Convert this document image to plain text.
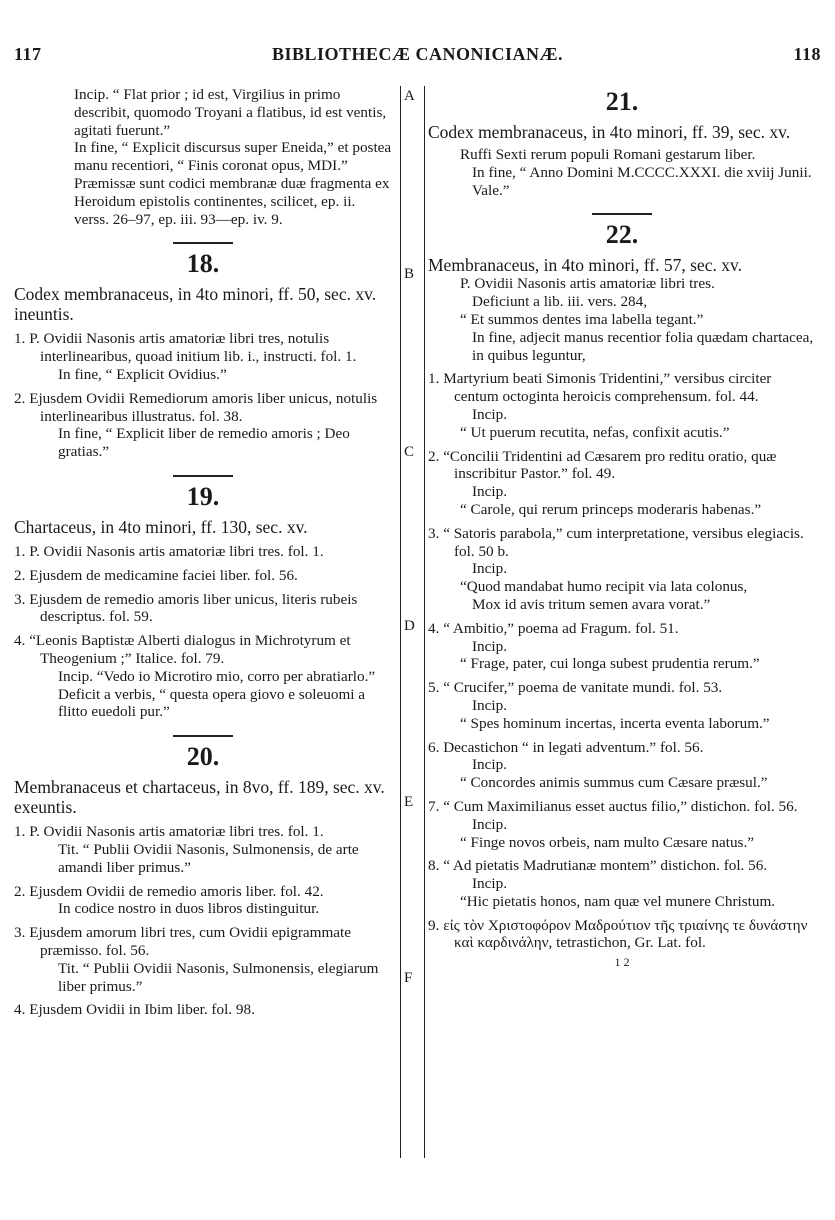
117	BIBLIOTHECÆ CANONICIANÆ.	118
A
B
C
D
E
F

Incip. “ Flat prior ; id est, Virgilius in primo describit, quomodo Troyani a flatibus, id est ventis, agitati fuerunt.”

In fine, “ Explicit discursus super Eneida,” et postea manu recentiori, “ Finis coronat opus, MDI.”

Præmissæ sunt codici membranæ duæ fragmenta ex Heroidum epistolis continentes, scilicet, ep. ii. verss. 26–97, ep. iii. 93—ep. iv. 9.

18.

Codex membranaceus, in 4to minori, ff. 50, sec. xv. ineuntis.

1. P. Ovidii Nasonis artis amatoriæ libri tres, notulis interlinearibus, quoad initium lib. i., instructi. fol. 1.

In fine, “ Explicit Ovidius.”

2. Ejusdem Ovidii Remediorum amoris liber unicus, notulis interlinearibus illustratus. fol. 38.

In fine, “ Explicit liber de remedio amoris ; Deo gratias.”

19.

Chartaceus, in 4to minori, ff. 130, sec. xv.

1. P. Ovidii Nasonis artis amatoriæ libri tres. fol. 1.

2. Ejusdem de medicamine faciei liber. fol. 56.

3. Ejusdem de remedio amoris liber unicus, literis rubeis descriptus. fol. 59.

4. “Leonis Baptistæ Alberti dialogus in Michrotyrum et Theogenium ;” Italice. fol. 79.

Incip. “Vedo io Microtiro mio, corro per abratiarlo.”

Deficit a verbis, “ questa opera giovo e soleuomi a flitto euedoli pur.”

20.

Membranaceus et chartaceus, in 8vo, ff. 189, sec. xv. exeuntis.

1. P. Ovidii Nasonis artis amatoriæ libri tres. fol. 1.

Tit. “ Publii Ovidii Nasonis, Sulmonensis, de arte amandi liber primus.”

2. Ejusdem Ovidii de remedio amoris liber. fol. 42.

In codice nostro in duos libros distinguitur.

3. Ejusdem amorum libri tres, cum Ovidii epigrammate præmisso. fol. 56.

Tit. “ Publii Ovidii Nasonis, Sulmonensis, elegiarum liber primus.”

4. Ejusdem Ovidii in Ibim liber. fol. 98.

21.

Codex membranaceus, in 4to minori, ff. 39, sec. xv.

Ruffi Sexti rerum populi Romani gestarum liber.

In fine, “ Anno Domini M.CCCC.XXXI. die xviij Junii. Vale.”

22.

Membranaceus, in 4to minori, ff. 57, sec. xv.

P. Ovidii Nasonis artis amatoriæ libri tres.

Deficiunt a lib. iii. vers. 284,

“ Et summos dentes ima labella tegant.”

In fine, adjecit manus recentior folia quædam chartacea, in quibus leguntur,

1. Martyrium beati Simonis Tridentini,” versibus circiter centum octoginta heroicis comprehensum. fol. 44.

Incip.

“ Ut puerum recutita, nefas, confixit acutis.”

2. “Concilii Tridentini ad Cæsarem pro reditu oratio, quæ inscribitur Pastor.” fol. 49.

Incip.

“ Carole, qui rerum princeps moderaris habenas.”

3. “ Satoris parabola,” cum interpretatione, versibus elegiacis. fol. 50 b.

Incip.

“Quod mandabat humo recipit via lata colonus,

Mox id avis tritum semen avara vorat.”

4. “ Ambitio,” poema ad Fragum. fol. 51.

Incip.

“ Frage, pater, cui longa subest prudentia rerum.”

5. “ Crucifer,” poema de vanitate mundi. fol. 53.

Incip.

“ Spes hominum incertas, incerta eventa laborum.”

6. Decastichon “ in legati adventum.” fol. 56.

Incip.

“ Concordes animis summus cum Cæsare præsul.”

7. “ Cum Maximilianus esset auctus filio,” distichon. fol. 56.

Incip.

“ Finge novos orbeis, nam multo Cæsare natus.”

8. “ Ad pietatis Madrutianæ montem” distichon. fol. 56.

Incip.

“Hic pietatis honos, nam quæ vel munere Christum.

9. εἰς τὸν Χριστοφόρον Μαδρούτιον τῆς τριαίνης τε δυνάστην καὶ καρδινάλην, tetrastichon, Gr. Lat. fol.

1 2
